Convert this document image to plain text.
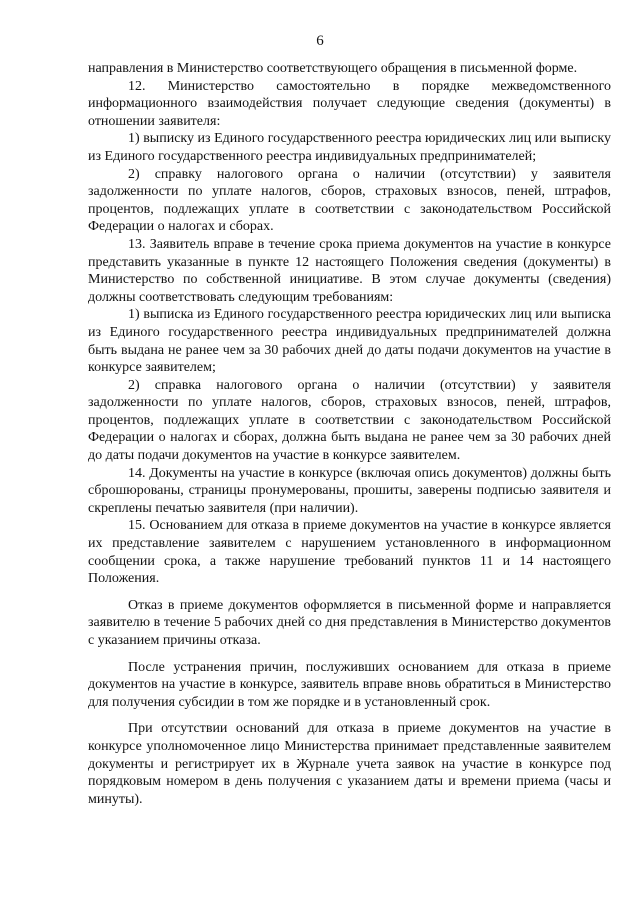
6

направления в Министерство соответствующего обращения в письменной форме.

12. Министерство самостоятельно в порядке межведомственного информационного взаимодействия получает следующие сведения (документы) в отношении заявителя:

1) выписку из Единого государственного реестра юридических лиц или выписку из Единого государственного реестра индивидуальных предпринимателей;

2) справку налогового органа о наличии (отсутствии) у заявителя задолженности по уплате налогов, сборов, страховых взносов, пеней, штрафов, процентов, подлежащих уплате в соответствии с законодательством Российской Федерации о налогах и сборах.

13. Заявитель вправе в течение срока приема документов на участие в конкурсе представить указанные в пункте 12 настоящего Положения сведения (документы) в Министерство по собственной инициативе. В этом случае документы (сведения) должны соответствовать следующим требованиям:

1) выписка из Единого государственного реестра юридических лиц или выписка из Единого государственного реестра индивидуальных предпринимателей должна быть выдана не ранее чем за 30 рабочих дней до даты подачи документов на участие в конкурсе заявителем;

2) справка налогового органа о наличии (отсутствии) у заявителя задолженности по уплате налогов, сборов, страховых взносов, пеней, штрафов, процентов, подлежащих уплате в соответствии с законодательством Российской Федерации о налогах и сборах, должна быть выдана не ранее чем за 30 рабочих дней до даты подачи документов на участие в конкурсе заявителем.

14. Документы на участие в конкурсе (включая опись документов) должны быть сброшюрованы, страницы пронумерованы, прошиты, заверены подписью заявителя и скреплены печатью заявителя (при наличии).

15. Основанием для отказа в приеме документов на участие в конкурсе является их представление заявителем с нарушением установленного в информационном сообщении срока, а также нарушение требований пунктов 11 и 14 настоящего Положения.

Отказ в приеме документов оформляется в письменной форме и направляется заявителю в течение 5 рабочих дней со дня представления в Министерство документов с указанием причины отказа.

После устранения причин, послуживших основанием для отказа в приеме документов на участие в конкурсе, заявитель вправе вновь обратиться в Министерство для получения субсидии в том же порядке и в установленный срок.

При отсутствии оснований для отказа в приеме документов на участие в конкурсе уполномоченное лицо Министерства принимает представленные заявителем документы и регистрирует их в Журнале учета заявок на участие в конкурсе под порядковым номером в день получения с указанием даты и времени приема (часы и минуты).
